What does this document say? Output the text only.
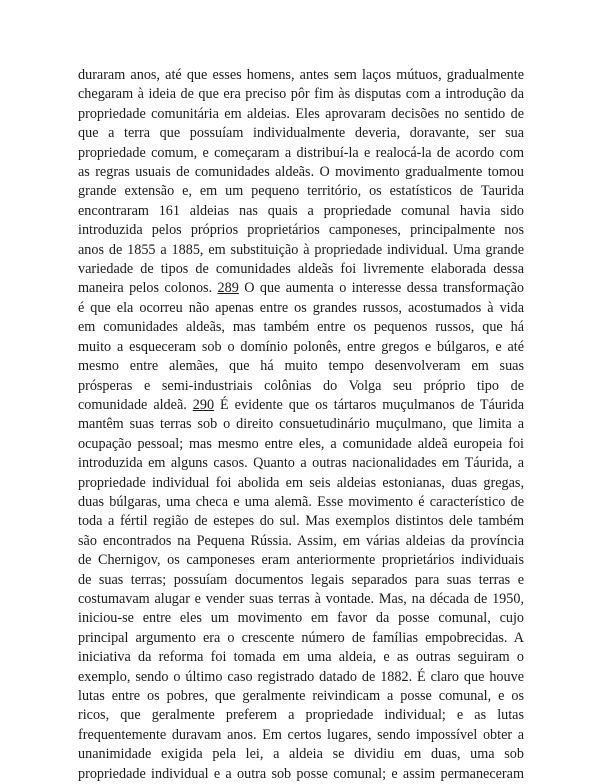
duraram anos, até que esses homens, antes sem laços mútuos, gradualmente
chegaram à ideia de que era preciso pôr fim às disputas com a introdução da
propriedade comunitária em aldeias. Eles aprovaram decisões no sentido de
que a terra que possuíam individualmente deveria, doravante, ser sua
propriedade comum, e começaram a distribuí-la e realocá-la de acordo com
as regras usuais de comunidades aldeãs. O movimento gradualmente tomou
grande extensão e, em um pequeno território, os estatísticos de Taurida
encontraram 161 aldeias nas quais a propriedade comunal havia sido
introduzida pelos próprios proprietários camponeses, principalmente nos
anos de 1855 a 1885, em substituição à propriedade individual. Uma grande
variedade de tipos de comunidades aldeãs foi livremente elaborada dessa
maneira pelos colonos. 289 O que aumenta o interesse dessa transformação
é que ela ocorreu não apenas entre os grandes russos, acostumados à vida
em comunidades aldeãs, mas também entre os pequenos russos, que há
muito a esqueceram sob o domínio polonês, entre gregos e búlgaros, e até
mesmo entre alemães, que há muito tempo desenvolveram em suas
prósperas e semi-industriais colônias do Volga seu próprio tipo de
comunidade aldeã. 290 É evidente que os tártaros muçulmanos de Táurida
mantêm suas terras sob o direito consuetudinário muçulmano, que limita a
ocupação pessoal; mas mesmo entre eles, a comunidade aldeã europeia foi
introduzida em alguns casos. Quanto a outras nacionalidades em Táurida, a
propriedade individual foi abolida em seis aldeias estonianas, duas gregas,
duas búlgaras, uma checa e uma alemã. Esse movimento é característico de
toda a fértil região de estepes do sul. Mas exemplos distintos dele também
são encontrados na Pequena Rússia. Assim, em várias aldeias da província
de Chernigov, os camponeses eram anteriormente proprietários individuais
de suas terras; possuíam documentos legais separados para suas terras e
costumavam alugar e vender suas terras à vontade. Mas, na década de 1950,
iniciou-se entre eles um movimento em favor da posse comunal, cujo
principal argumento era o crescente número de famílias empobrecidas. A
iniciativa da reforma foi tomada em uma aldeia, e as outras seguiram o
exemplo, sendo o último caso registrado datado de 1882. É claro que houve
lutas entre os pobres, que geralmente reivindicam a posse comunal, e os
ricos, que geralmente preferem a propriedade individual; e as lutas
frequentemente duravam anos. Em certos lugares, sendo impossível obter a
unanimidade exigida pela lei, a aldeia se dividiu em duas, uma sob
propriedade individual e a outra sob posse comunal; e assim permaneceram
